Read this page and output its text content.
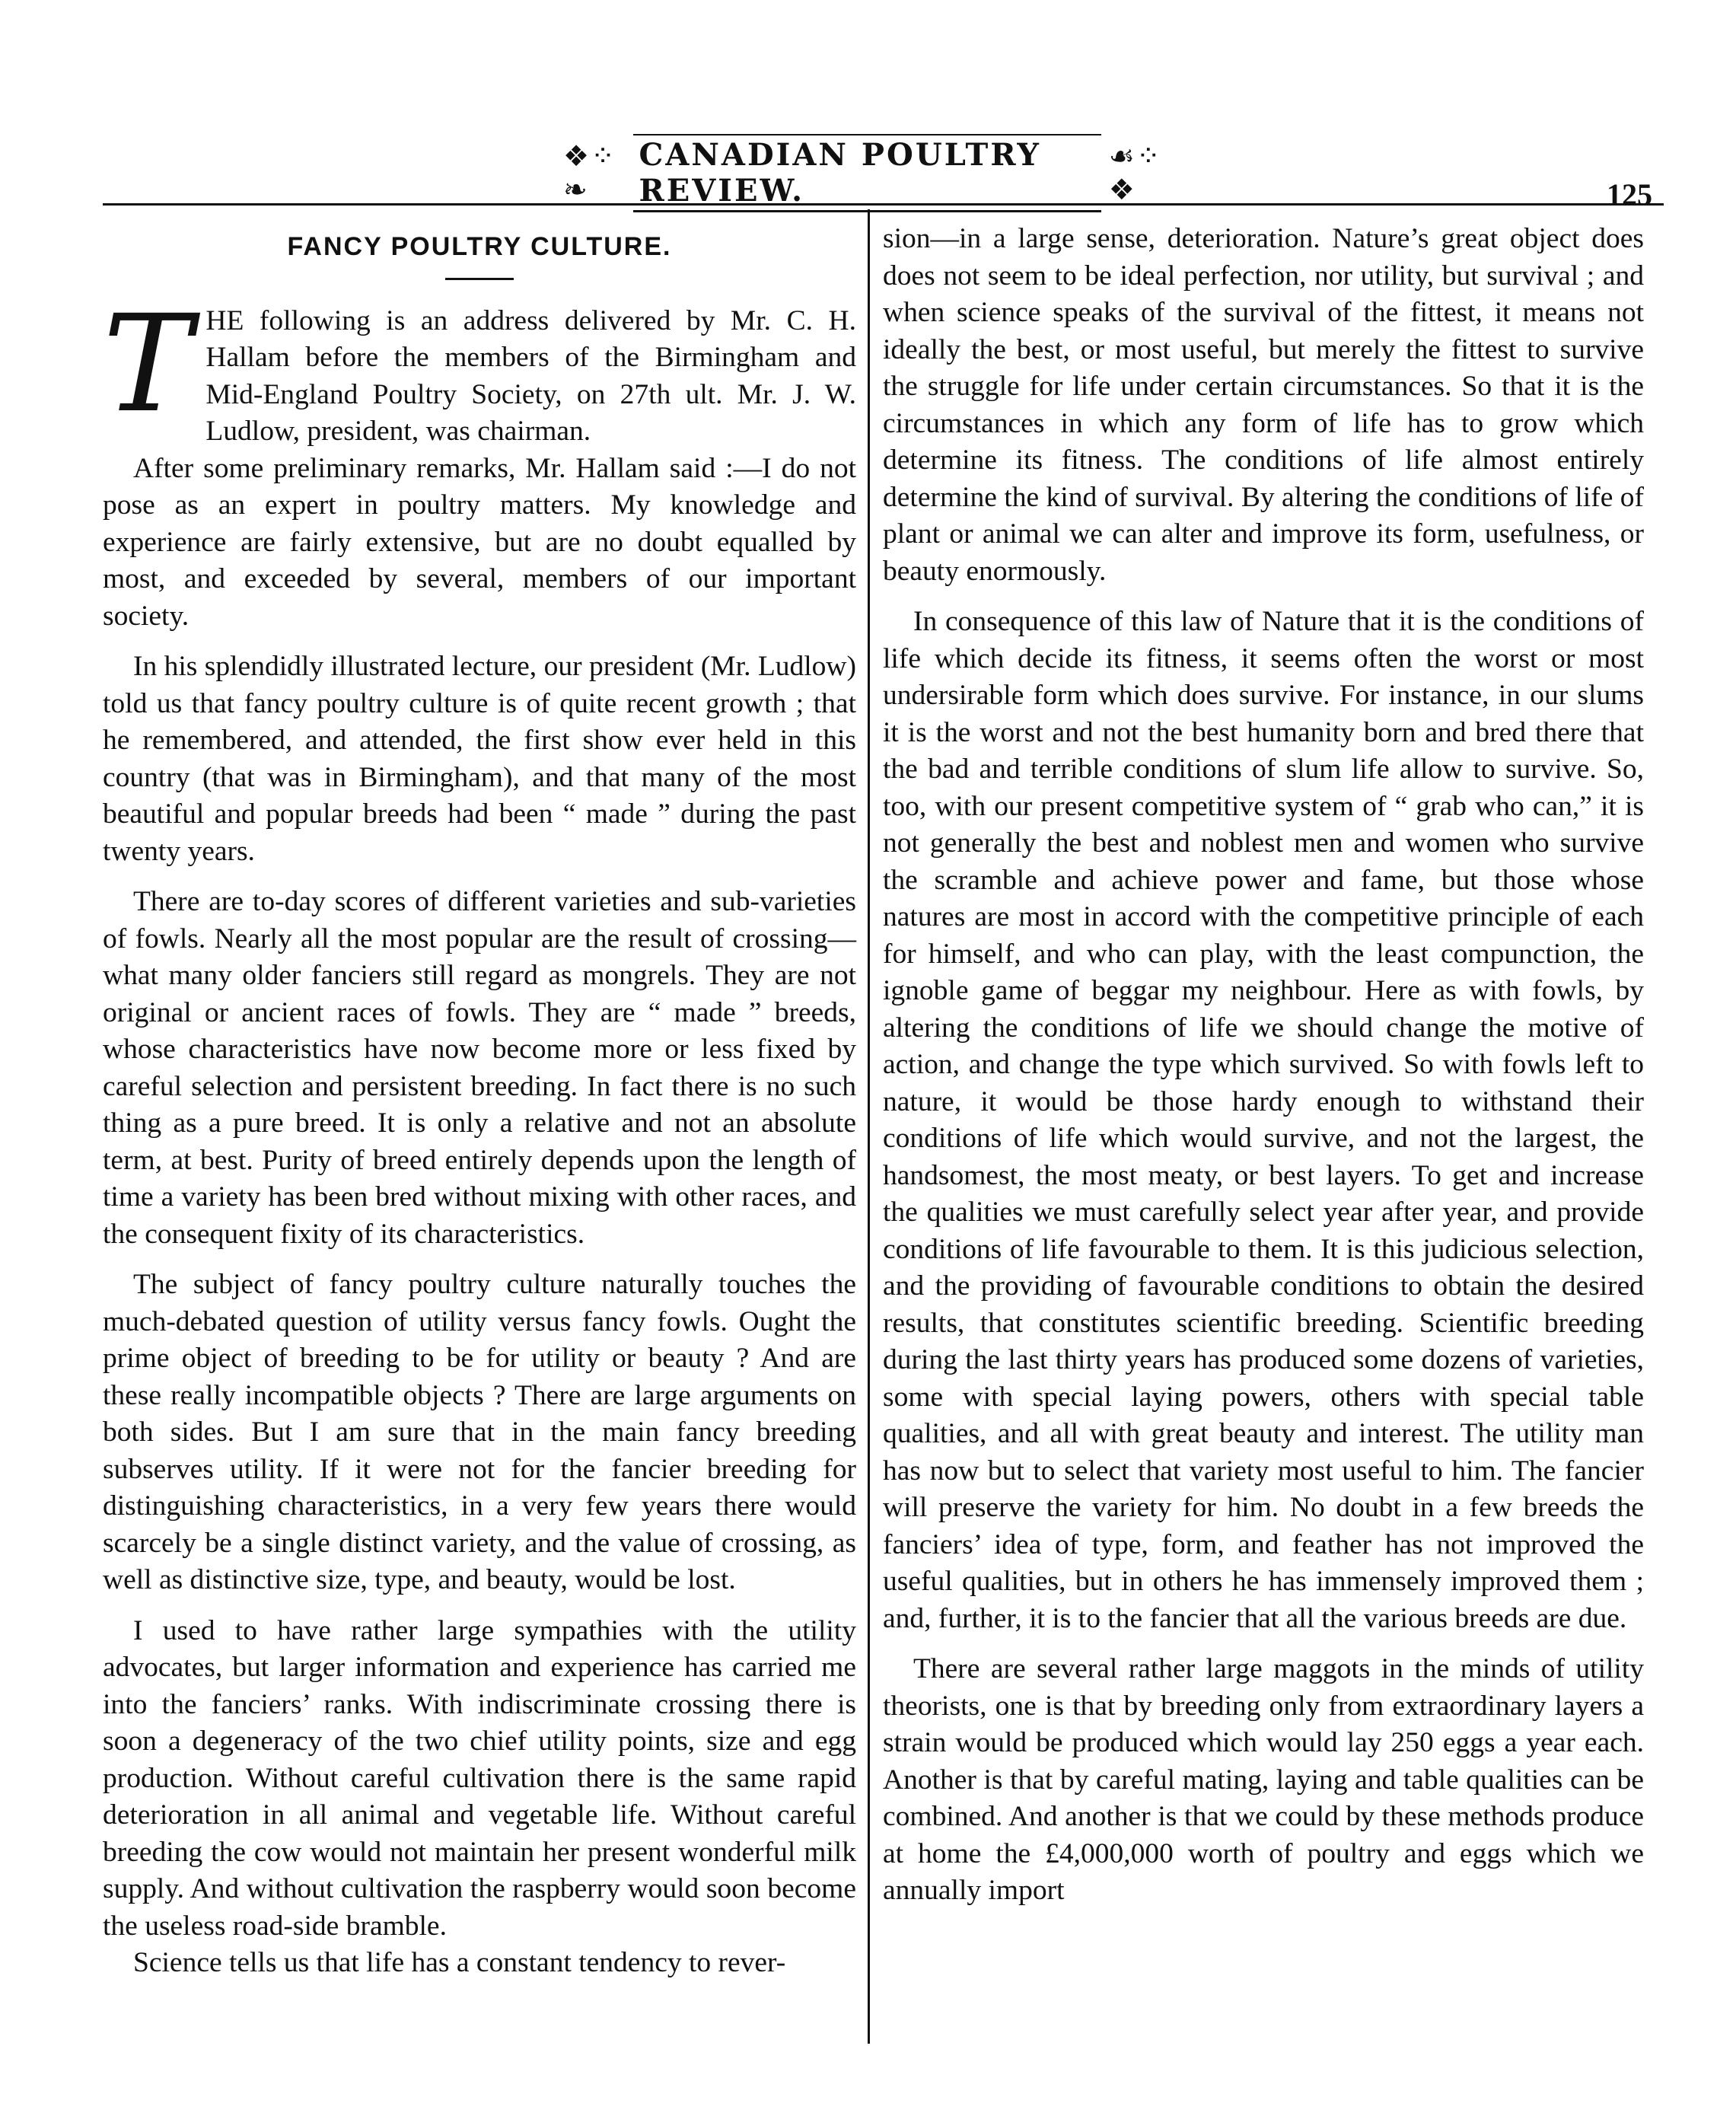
❖⁘❧
CANADIAN POULTRY REVIEW.
☙⁘❖	125
FANCY POULTRY CULTURE.

THE following is an address delivered by Mr. C. H. Hallam before the members of the Birmingham and Mid-England Poultry Society, on 27th ult. Mr. J. W. Ludlow, president, was chairman.

After some preliminary remarks, Mr. Hallam said :—I do not pose as an expert in poultry matters. My knowledge and experience are fairly extensive, but are no doubt equalled by most, and exceeded by several, members of our important society.

In his splendidly illustrated lecture, our president (Mr. Ludlow) told us that fancy poultry culture is of quite recent growth ; that he remembered, and attended, the first show ever held in this country (that was in Birmingham), and that many of the most beautiful and popular breeds had been “ made ” during the past twenty years.

There are to-day scores of different varieties and sub-varieties of fowls. Nearly all the most popular are the result of crossing—what many older fanciers still regard as mongrels. They are not original or ancient races of fowls. They are “ made ” breeds, whose characteristics have now become more or less fixed by careful selection and persistent breeding. In fact there is no such thing as a pure breed. It is only a relative and not an absolute term, at best. Purity of breed entirely depends upon the length of time a variety has been bred without mixing with other races, and the consequent fixity of its characteristics.

The subject of fancy poultry culture naturally touches the much-debated question of utility versus fancy fowls. Ought the prime object of breeding to be for utility or beauty ? And are these really incompatible objects ? There are large arguments on both sides. But I am sure that in the main fancy breeding subserves utility. If it were not for the fancier breeding for distinguishing characteristics, in a very few years there would scarcely be a single distinct variety, and the value of crossing, as well as distinctive size, type, and beauty, would be lost.

I used to have rather large sympathies with the utility advocates, but larger information and experience has carried me into the fanciers’ ranks. With indiscriminate crossing there is soon a degeneracy of the two chief utility points, size and egg production. Without careful cultivation there is the same rapid deterioration in all animal and vegetable life. Without careful breeding the cow would not maintain her present wonderful milk supply. And without cultivation the raspberry would soon become the useless road-side bramble.

Science tells us that life has a constant tendency to rever-

sion—in a large sense, deterioration. Nature’s great object does does not seem to be ideal perfection, nor utility, but survival ; and when science speaks of the survival of the fittest, it means not ideally the best, or most useful, but merely the fittest to survive the struggle for life under certain circumstances. So that it is the circumstances in which any form of life has to grow which determine its fitness. The conditions of life almost entirely determine the kind of survival. By altering the conditions of life of plant or animal we can alter and improve its form, usefulness, or beauty enormously.

In consequence of this law of Nature that it is the conditions of life which decide its fitness, it seems often the worst or most undersirable form which does survive. For instance, in our slums it is the worst and not the best humanity born and bred there that the bad and terrible conditions of slum life allow to survive. So, too, with our present competitive system of “ grab who can,” it is not generally the best and noblest men and women who survive the scramble and achieve power and fame, but those whose natures are most in accord with the competitive principle of each for himself, and who can play, with the least compunction, the ignoble game of beggar my neighbour. Here as with fowls, by altering the conditions of life we should change the motive of action, and change the type which survived. So with fowls left to nature, it would be those hardy enough to withstand their conditions of life which would survive, and not the largest, the handsomest, the most meaty, or best layers. To get and increase the qualities we must carefully select year after year, and provide conditions of life favourable to them. It is this judicious selection, and the providing of favourable conditions to obtain the desired results, that constitutes scientific breeding. Scientific breeding during the last thirty years has produced some dozens of varieties, some with special laying powers, others with special table qualities, and all with great beauty and interest. The utility man has now but to select that variety most useful to him. The fancier will preserve the variety for him. No doubt in a few breeds the fanciers’ idea of type, form, and feather has not improved the useful qualities, but in others he has immensely improved them ; and, further, it is to the fancier that all the various breeds are due.

There are several rather large maggots in the minds of utility theorists, one is that by breeding only from extraordinary layers a strain would be produced which would lay 250 eggs a year each. Another is that by careful mating, laying and table qualities can be combined. And another is that we could by these methods produce at home the £4,000,000 worth of poultry and eggs which we annually import
